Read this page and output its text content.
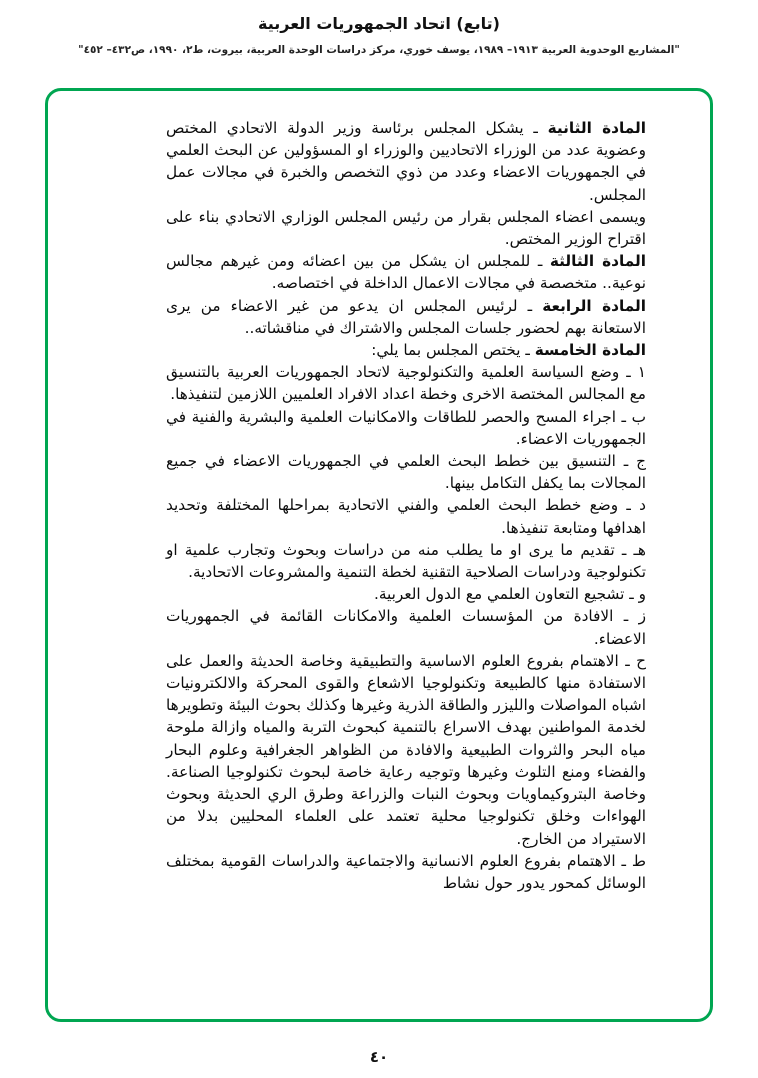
(تابع) اتحاد الجمهوريات العربية
"المشاريع الوحدوية العربية ١٩١٣– ١٩٨٩، يوسف خوري، مركز دراسات الوحدة العربية، بيروت، ط٢، ١٩٩٠، ص٤٣٢– ٤٥٢"

المادة الثانية ـ يشكل المجلس برئاسة وزير الدولة الاتحادي المختص وعضوية عدد من الوزراء الاتحاديين والوزراء او المسؤولين عن البحث العلمي في الجمهوريات الاعضاء وعدد من ذوي التخصص والخبرة في مجالات عمل المجلس.

ويسمى اعضاء المجلس بقرار من رئيس المجلس الوزاري الاتحادي بناء على اقتراح الوزير المختص.

المادة الثالثة ـ للمجلس ان يشكل من بين اعضائه ومن غيرهم مجالس نوعية.. متخصصة في مجالات الاعمال الداخلة في اختصاصه.

المادة الرابعة ـ لرئيس المجلس ان يدعو من غير الاعضاء من يرى الاستعانة بهم لحضور جلسات المجلس والاشتراك في مناقشاته..

المادة الخامسة ـ يختص المجلس بما يلي:

١ ـ وضع السياسة العلمية والتكنولوجية لاتحاد الجمهوريات العربية بالتنسيق مع المجالس المختصة الاخرى وخطة اعداد الافراد العلميين اللازمين لتنفيذها.

ب ـ اجراء المسح والحصر للطاقات والامكانيات العلمية والبشرية والفنية في الجمهوريات الاعضاء.

ج ـ التنسيق بين خطط البحث العلمي في الجمهوريات الاعضاء في جميع المجالات بما يكفل التكامل بينها.

د ـ وضع خطط البحث العلمي والفني الاتحادية بمراحلها المختلفة وتحديد اهدافها ومتابعة تنفيذها.

هـ ـ تقديم ما يرى او ما يطلب منه من دراسات وبحوث وتجارب علمية او تكنولوجية ودراسات الصلاحية التقنية لخطة التنمية والمشروعات الاتحادية.

و ـ تشجيع التعاون العلمي مع الدول العربية.

ز ـ الافادة من المؤسسات العلمية والامكانات القائمة في الجمهوريات الاعضاء.

ح ـ الاهتمام بفروع العلوم الاساسية والتطبيقية وخاصة الحديثة والعمل على الاستفادة منها كالطبيعة وتكنولوجيا الاشعاع والقوى المحركة والالكترونيات اشباه المواصلات والليزر والطاقة الذرية وغيرها وكذلك بحوث البيئة وتطويرها لخدمة المواطنين بهدف الاسراع بالتنمية كبحوث التربة والمياه وازالة ملوحة مياه البحر والثروات الطبيعية والافادة من الظواهر الجغرافية وعلوم البحار والفضاء ومنع التلوث وغيرها وتوجيه رعاية خاصة لبحوث تكنولوجيا الصناعة. وخاصة البتروكيماويات وبحوث النبات والزراعة وطرق الري الحديثة وبحوث الهواءات وخلق تكنولوجيا محلية تعتمد على العلماء المحليين بدلا من الاستيراد من الخارج.

ط ـ الاهتمام بفروع العلوم الانسانية والاجتماعية والدراسات القومية بمختلف الوسائل كمحور يدور حول نشاط

٤٠
